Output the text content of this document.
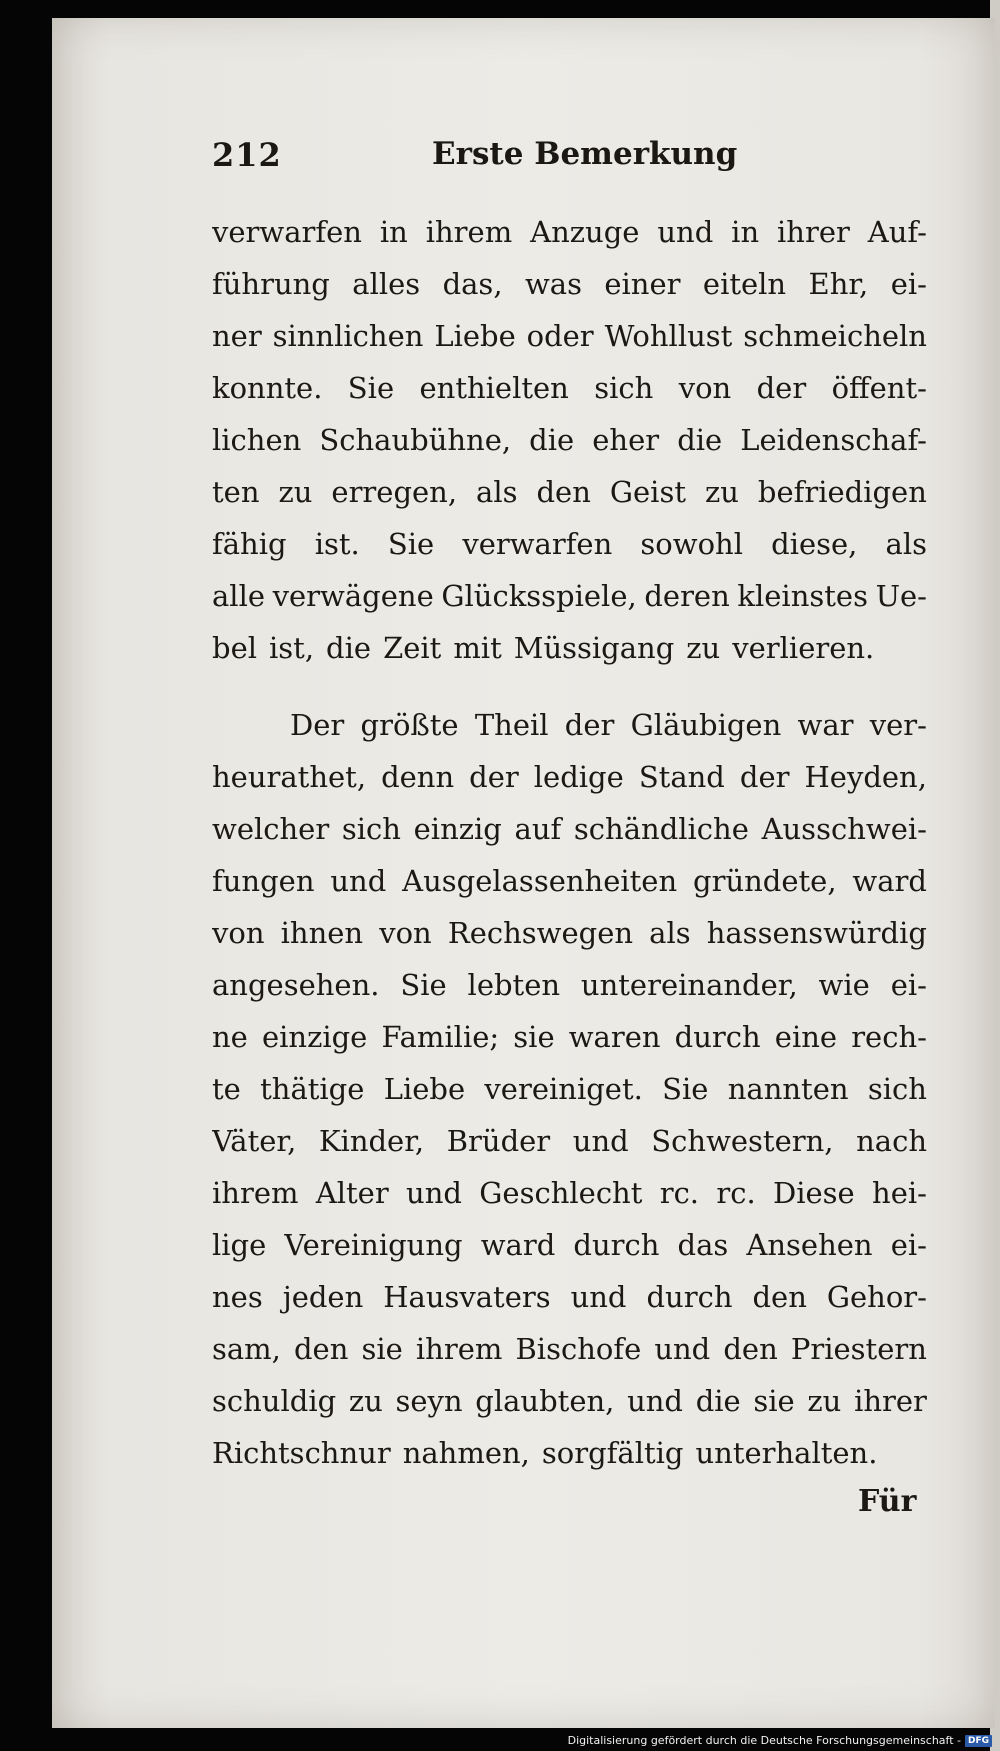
212	Erste Bemerkung
verwarfen in ihrem Anzuge und in ihrer Auf-
führung alles das, was einer eiteln Ehr, ei-
ner sinnlichen Liebe oder Wohllust schmeicheln
konnte. Sie enthielten sich von der öffent-
lichen Schaubühne, die eher die Leidenschaf-
ten zu erregen, als den Geist zu befriedigen
fähig ist. Sie verwarfen sowohl diese, als
alle verwägene Glücksspiele, deren kleinstes Ue-
bel ist, die Zeit mit Müssigang zu verlieren.
Der größte Theil der Gläubigen war ver-
heurathet, denn der ledige Stand der Heyden,
welcher sich einzig auf schändliche Ausschwei-
fungen und Ausgelassenheiten gründete, ward
von ihnen von Rechswegen als hassenswürdig
angesehen. Sie lebten untereinander, wie ei-
ne einzige Familie; sie waren durch eine rech-
te thätige Liebe vereiniget. Sie nannten sich
Väter, Kinder, Brüder und Schwestern, nach
ihrem Alter und Geschlecht rc. rc. Diese hei-
lige Vereinigung ward durch das Ansehen ei-
nes jeden Hausvaters und durch den Gehor-
sam, den sie ihrem Bischofe und den Priestern
schuldig zu seyn glaubten, und die sie zu ihrer
Richtschnur nahmen, sorgfältig unterhalten.
Für
Digitalisierung gefördert durch die Deutsche Forschungsgemeinschaft - DFG
